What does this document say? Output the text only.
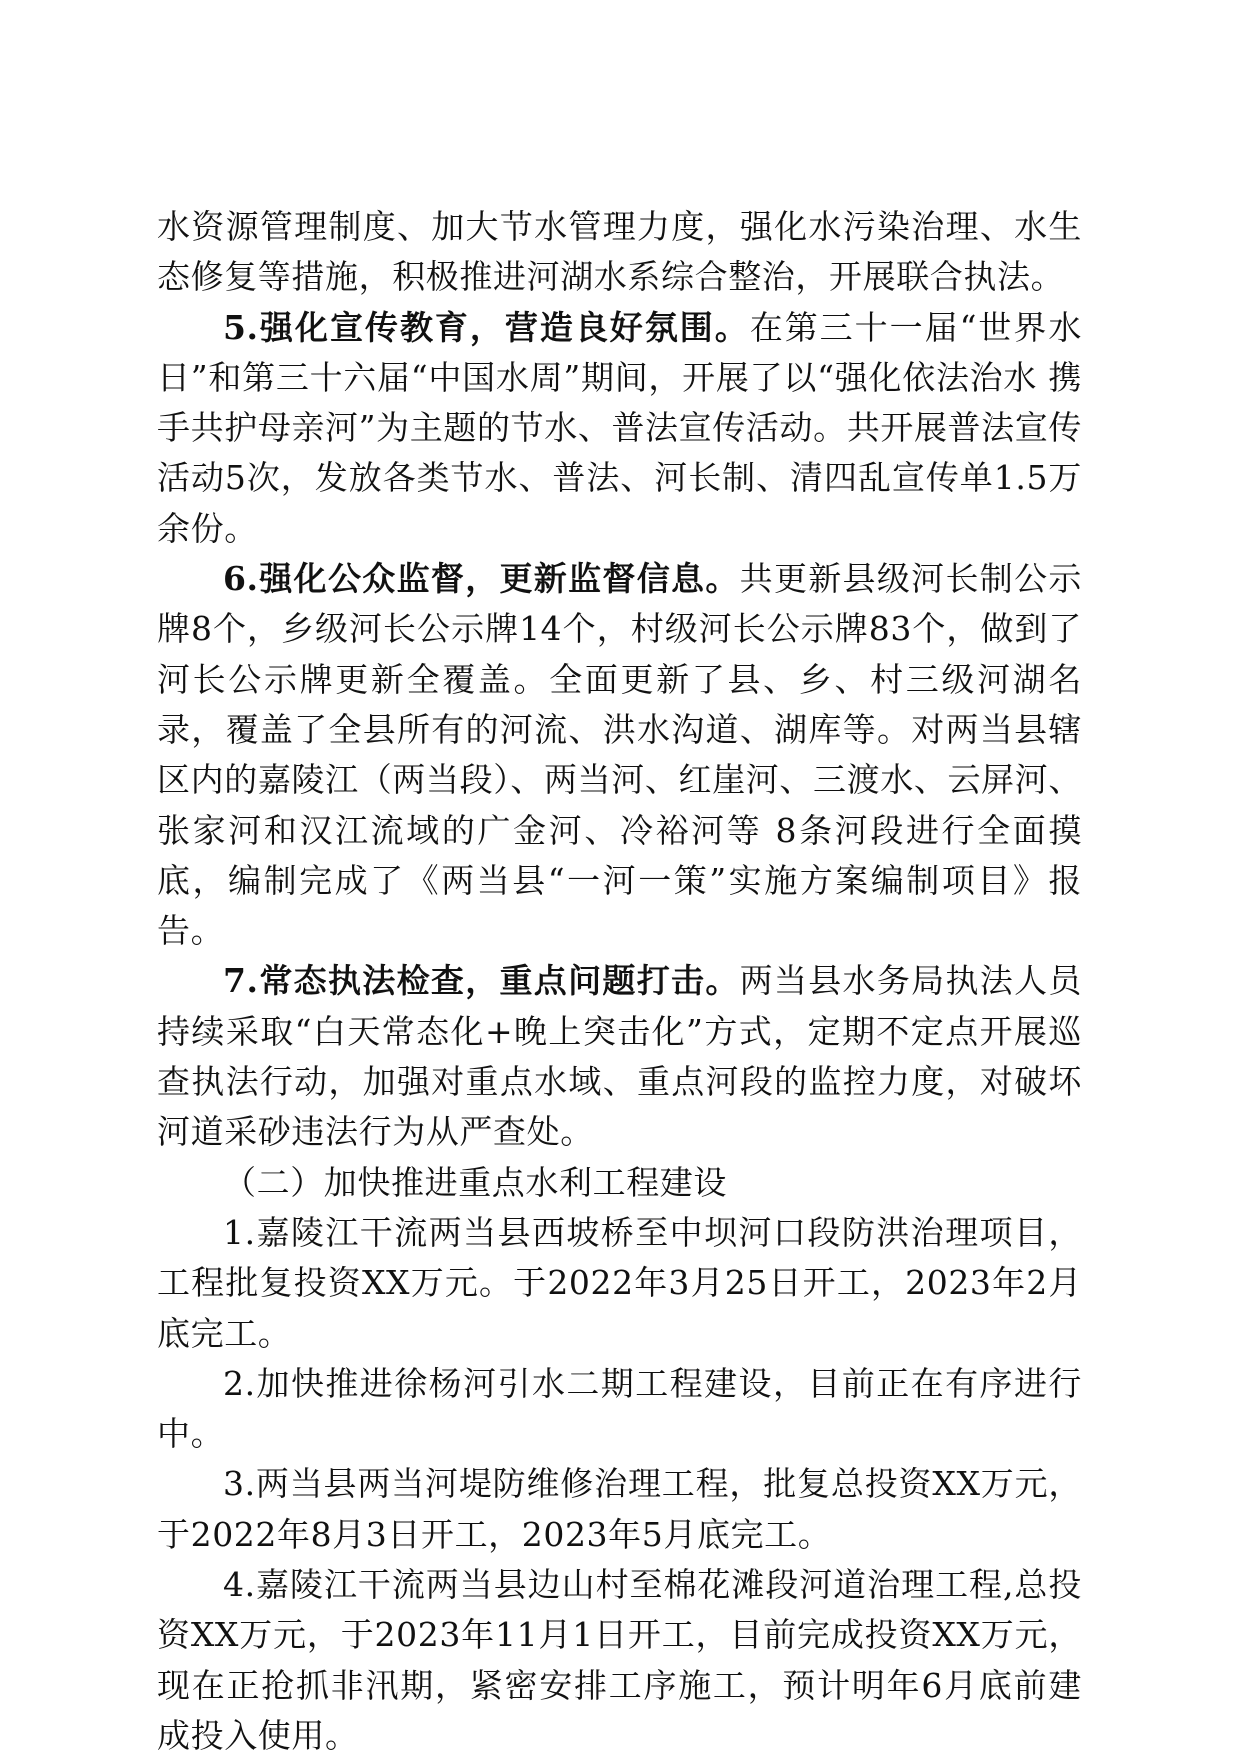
水资源管理制度、加大节水管理力度，强化水污染治理、水生态修复等措施，积极推进河湖水系综合整治，开展联合执法。

5.强化宣传教育，营造良好氛围。在第三十一届“世界水日”和第三十六届“中国水周”期间，开展了以“强化依法治水 携手共护母亲河”为主题的节水、普法宣传活动。共开展普法宣传活动5次，发放各类节水、普法、河长制、清四乱宣传单1.5万余份。

6.强化公众监督，更新监督信息。共更新县级河长制公示牌8个，乡级河长公示牌14个，村级河长公示牌83个，做到了河长公示牌更新全覆盖。全面更新了县、乡、村三级河湖名录，覆盖了全县所有的河流、洪水沟道、湖库等。对两当县辖区内的嘉陵江（两当段）、两当河、红崖河、三渡水、云屏河、张家河和汉江流域的广金河、冷裕河等 8条河段进行全面摸底，编制完成了《两当县“一河一策”实施方案编制项目》报告。

7.常态执法检查，重点问题打击。两当县水务局执法人员持续采取“白天常态化+晚上突击化”方式，定期不定点开展巡查执法行动，加强对重点水域、重点河段的监控力度，对破坏河道采砂违法行为从严查处。

（二）加快推进重点水利工程建设

1.嘉陵江干流两当县西坡桥至中坝河口段防洪治理项目，工程批复投资XX万元。于2022年3月25日开工，2023年2月底完工。

2.加快推进徐杨河引水二期工程建设，目前正在有序进行中。

3.两当县两当河堤防维修治理工程，批复总投资XX万元，于2022年8月3日开工，2023年5月底完工。

4.嘉陵江干流两当县边山村至棉花滩段河道治理工程,总投资XX万元，于2023年11月1日开工，目前完成投资XX万元，现在正抢抓非汛期，紧密安排工序施工，预计明年6月底前建成投入使用。
